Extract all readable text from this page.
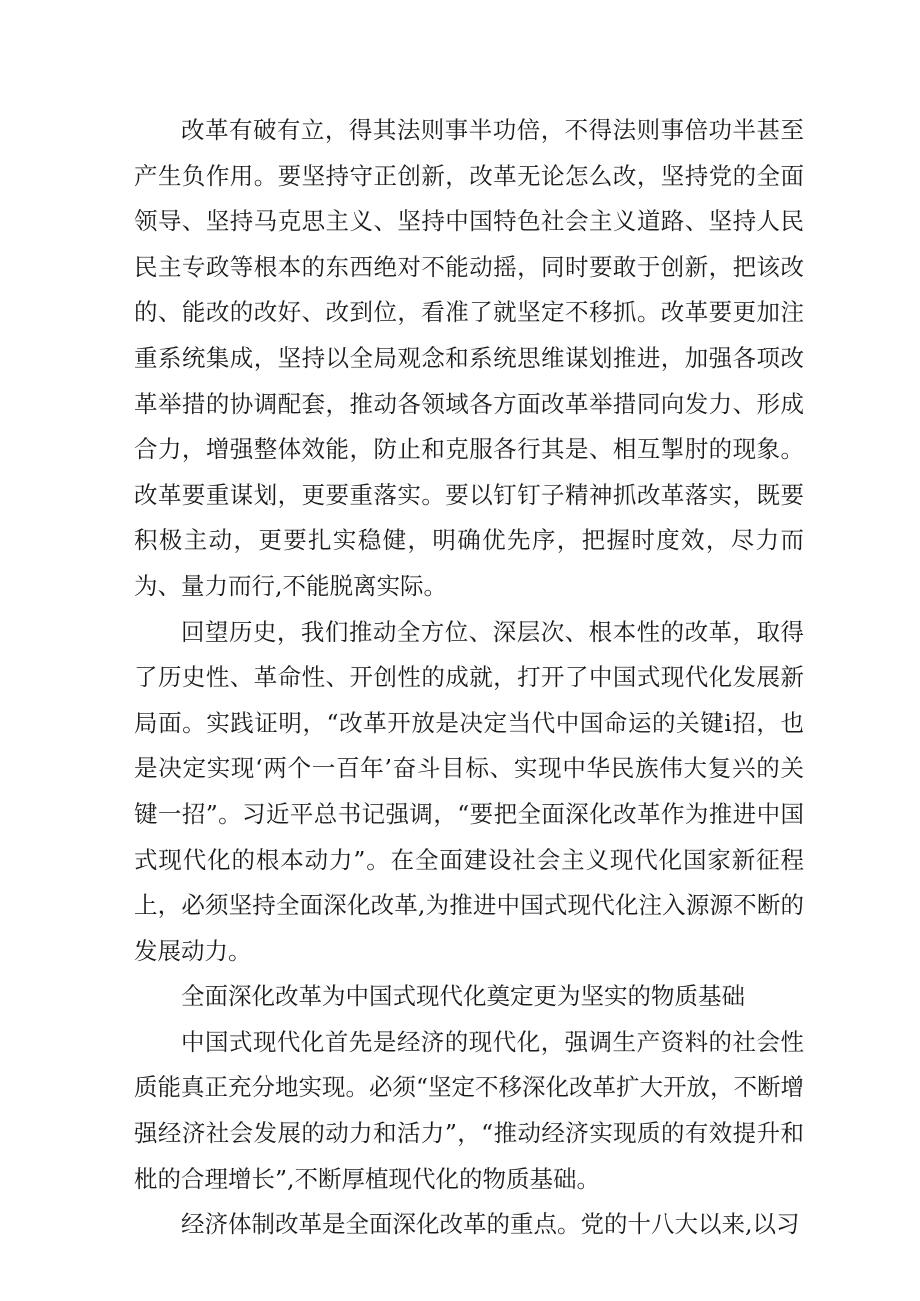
改革有破有立，得其法则事半功倍，不得法则事倍功半甚至产生负作用。要坚持守正创新，改革无论怎么改，坚持党的全面领导、坚持马克思主义、坚持中国特色社会主义道路、坚持人民民主专政等根本的东西绝对不能动摇，同时要敢于创新，把该改的、能改的改好、改到位，看准了就坚定不移抓。改革要更加注重系统集成，坚持以全局观念和系统思维谋划推进，加强各项改革举措的协调配套，推动各领域各方面改革举措同向发力、形成合力，增强整体效能，防止和克服各行其是、相互掣肘的现象。改革要重谋划，更要重落实。要以钉钉子精神抓改革落实，既要积极主动，更要扎实稳健，明确优先序，把握时度效，尽力而为、量力而行,不能脱离实际。

回望历史，我们推动全方位、深层次、根本性的改革，取得了历史性、革命性、开创性的成就，打开了中国式现代化发展新局面。实践证明，“改革开放是决定当代中国命运的关键i招，也是决定实现‘两个一百年’奋斗目标、实现中华民族伟大复兴的关键一招”。习近平总书记强调，“要把全面深化改革作为推进中国式现代化的根本动力”。在全面建设社会主义现代化国家新征程上，必须坚持全面深化改革,为推进中国式现代化注入源源不断的发展动力。

全面深化改革为中国式现代化奠定更为坚实的物质基础

中国式现代化首先是经济的现代化，强调生产资料的社会性质能真正充分地实现。必须“坚定不移深化改革扩大开放，不断增强经济社会发展的动力和活力”，“推动经济实现质的有效提升和枇的合理增长”,不断厚植现代化的物质基础。

经济体制改革是全面深化改革的重点。党的十八大以来,以习
